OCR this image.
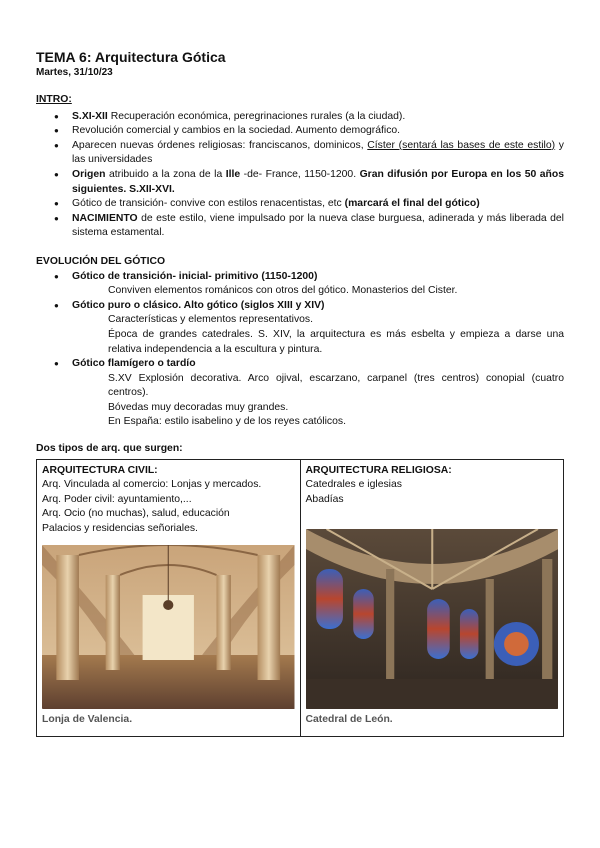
TEMA 6: Arquitectura Gótica
Martes, 31/10/23
INTRO:
● S.XI-XII Recuperación económica, peregrinaciones rurales (a la ciudad).
● Revolución comercial y cambios en la sociedad. Aumento demográfico.
● Aparecen nuevas órdenes religiosas: franciscanos, dominicos, Císter (sentará las bases de este estilo) y las universidades
● Origen atribuido a la zona de la Ille -de- France, 1150-1200. Gran difusión por Europa en los 50 años siguientes. S.XII-XVI.
● Gótico de transición- convive con estilos renacentistas, etc (marcará el final del gótico)
● NACIMIENTO de este estilo, viene impulsado por la nueva clase burguesa, adinerada y más liberada del sistema estamental.
EVOLUCIÓN DEL GÓTICO
● Gótico de transición- inicial- primitivo (1150-1200)
Conviven elementos románicos con otros del gótico. Monasterios del Cister.
● Gótico puro o clásico. Alto gótico (siglos XIII y XIV)
Características y elementos representativos.
Época de grandes catedrales. S. XIV, la arquitectura es más esbelta y empieza a darse una relativa independencia a la escultura y pintura.
● Gótico flamígero o tardío
S.XV Explosión decorativa. Arco ojival, escarzano, carpanel (tres centros) conopial (cuatro centros).
Bóvedas muy decoradas muy grandes.
En España: estilo isabelino y de los reyes católicos.
Dos tipos de arq. que surgen:
ARQUITECTURA CIVIL:
Arq. Vinculada al comercio: Lonjas y mercados.
Arq. Poder civil: ayuntamiento,...
Arq. Ocio (no muchas), salud, educación
Palacios y residencias señoriales.
Lonja de Valencia.

ARQUITECTURA RELIGIOSA:
Catedrales e iglesias
Abadías
Catedral de León.
